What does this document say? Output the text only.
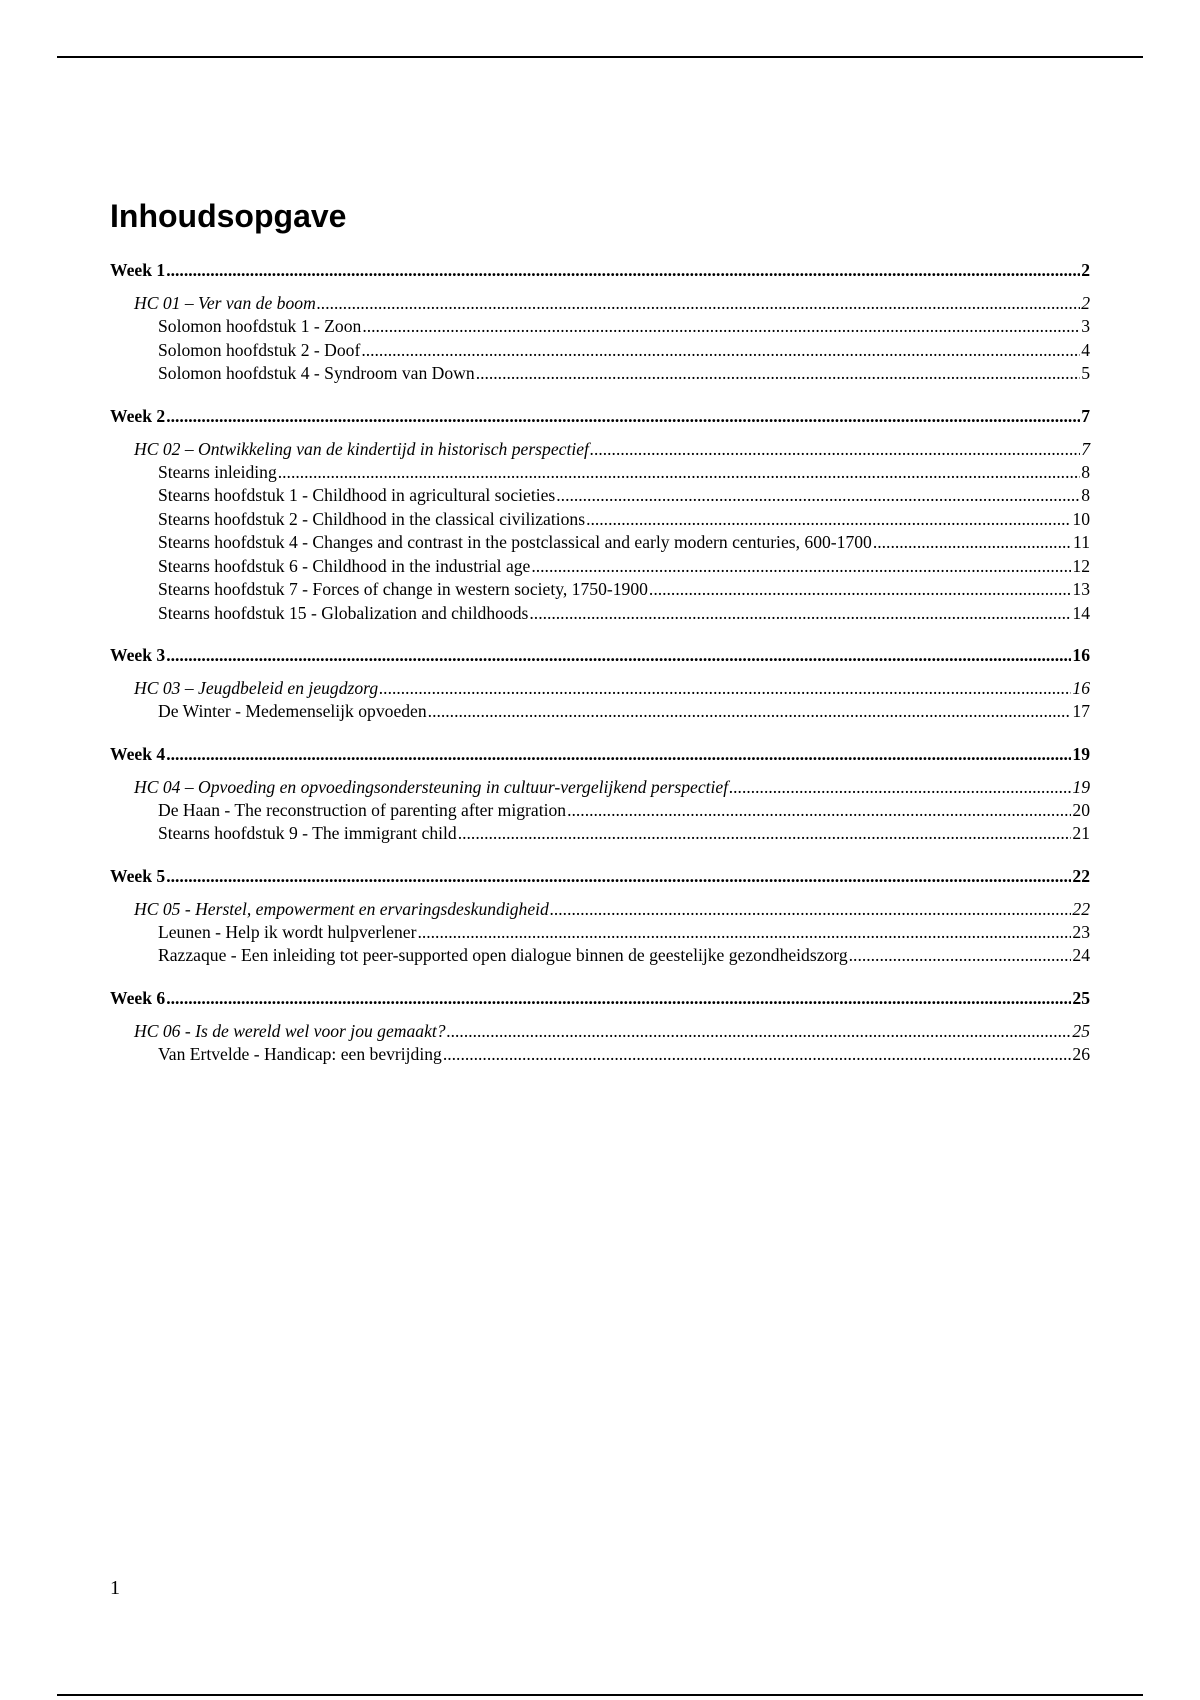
Inhoudsopgave
Week 1 .....	2
HC 01 – Ver van de boom .....	2
Solomon hoofdstuk 1 - Zoon .....	3
Solomon hoofdstuk 2 - Doof .....	4
Solomon hoofdstuk 4 - Syndroom van Down .....	5
Week 2 .....	7
HC 02 – Ontwikkeling van de kindertijd in historisch perspectief .....	7
Stearns inleiding .....	8
Stearns hoofdstuk 1 - Childhood in agricultural societies .....	8
Stearns hoofdstuk 2 - Childhood in the classical civilizations .....	10
Stearns hoofdstuk 4 - Changes and contrast in the postclassical and early modern centuries, 600-1700 .....	11
Stearns hoofdstuk 6 - Childhood in the industrial age .....	12
Stearns hoofdstuk 7 - Forces of change in western society, 1750-1900 .....	13
Stearns hoofdstuk 15 - Globalization and childhoods .....	14
Week 3 .....	16
HC 03 – Jeugdbeleid en jeugdzorg .....	16
De Winter - Medemenselijk opvoeden .....	17
Week 4 .....	19
HC 04 – Opvoeding en opvoedingsondersteuning in cultuur-vergelijkend perspectief .....	19
De Haan - The reconstruction of parenting after migration .....	20
Stearns hoofdstuk 9 - The immigrant child .....	21
Week 5 .....	22
HC 05 - Herstel, empowerment en ervaringsdeskundigheid .....	22
Leunen - Help ik wordt hulpverlener .....	23
Razzaque - Een inleiding tot peer-supported open dialogue binnen de geestelijke gezondheidszorg .....	24
Week 6 .....	25
HC 06 - Is de wereld wel voor jou gemaakt? .....	25
Van Ertvelde - Handicap: een bevrijding .....	26
1
